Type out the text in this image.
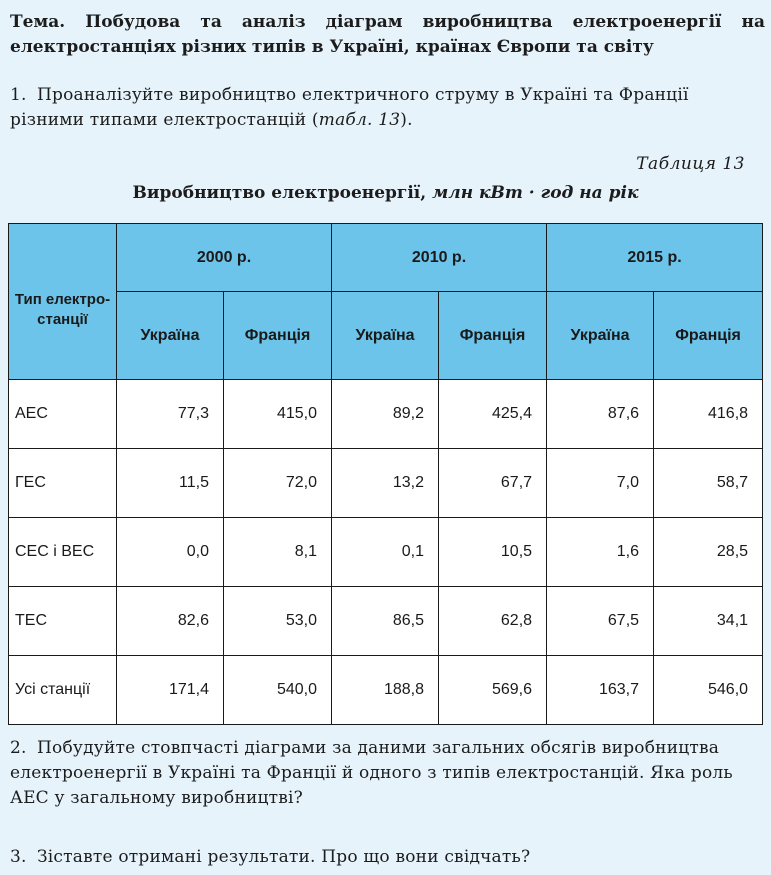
Тема. Побудова та аналіз діаграм виробництва електроенергії на електростанціях різних типів в Україні, країнах Європи та світу
1. Проаналізуйте виробництво електричного струму в Україні та Франції різними типами електростанцій (табл. 13).
Таблиця 13
Виробництво електроенергії, млн кВт · год на рік
Тип електро-станції	2000 р.		2010 р.		2015 р.	
	Україна	Франція	Україна	Франція	Україна	Франція
АЕС	77,3	415,0	89,2	425,4	87,6	416,8
ГЕС	11,5	72,0	13,2	67,7	7,0	58,7
СЕС і ВЕС	0,0	8,1	0,1	10,5	1,6	28,5
ТЕС	82,6	53,0	86,5	62,8	67,5	34,1
Усі станції	171,4	540,0	188,8	569,6	163,7	546,0
2. Побудуйте стовпчасті діаграми за даними загальних обсягів виробництва електроенергії в Україні та Франції й одного з типів електростанцій. Яка роль АЕС у загальному виробництві?
3. Зіставте отримані результати. Про що вони свідчать?
